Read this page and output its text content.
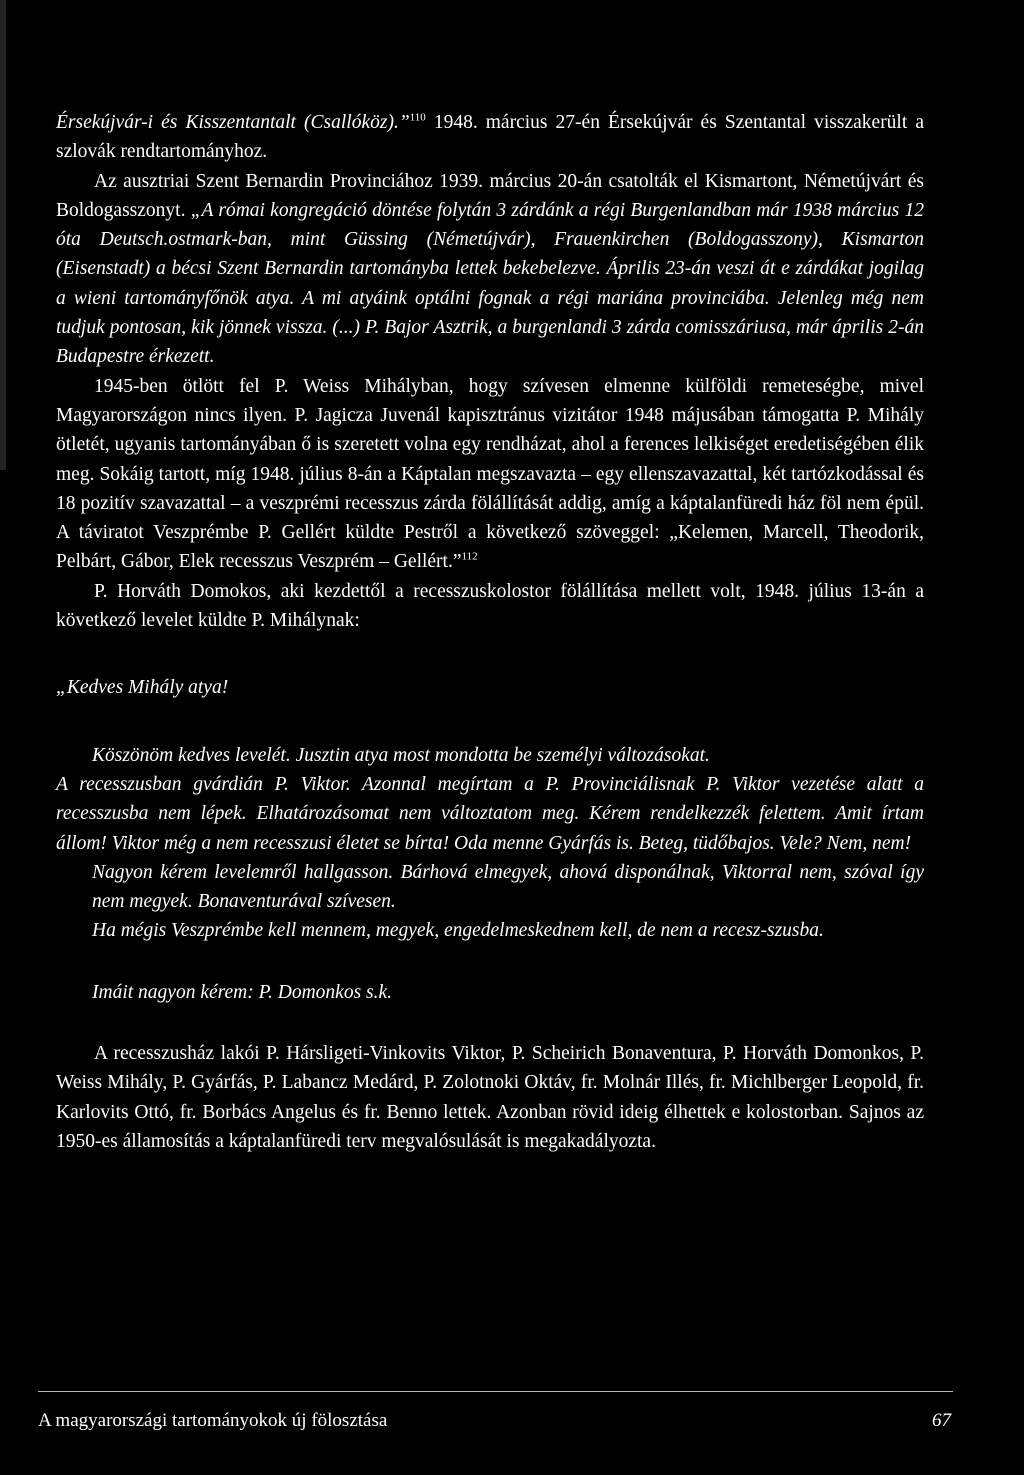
Érsekújvár-i és Kisszentantalt (Csallóköz).”$^{110}$ 1948. március 27-én Érsekújvár és Szentantal visszakerült a szlovák rendtartományhoz.

Az ausztriai Szent Bernardin Provinciához 1939. március 20-án csatolták el Kismartont, Németújvárt és Boldogasszonyt. „A római kongregáció döntése folytán 3 zárdánk a régi Burgenlandban már 1938 március 12 óta Deutsch.ostmark-ban, mint Güssing (Németújvár), Frauenkirchen (Boldogasszony), Kismarton (Eisenstadt) a bécsi Szent Bernardin tartományba lettek bekebelezve. Április 23-án veszi át e zárdákat jogilag a wieni tartományfőnök atya. A mi atyáink optálni fognak a régi mariána provinciába. Jelenleg még nem tudjuk pontosan, kik jönnek vissza. (...) P. Bajor Asztrik, a burgenlandi 3 zárda comisszáriusa, már április 2-án Budapestre érkezett.

1945-ben ötlött fel P. Weiss Mihályban, hogy szívesen elmenne külföldi remeteségbe, mivel Magyarországon nincs ilyen. P. Jagicza Juvenál kapisztránus vizitátor 1948 májusában támogatta P. Mihály ötletét, ugyanis tartományában ő is szeretett volna egy rendházat, ahol a ferences lelkiséget eredetiségében élik meg. Sokáig tartott, míg 1948. július 8-án a Káptalan megszavazta – egy ellenszavazattal, két tartózkodással és 18 pozitív szavazattal – a veszprémi recesszus zárda fölállítását addig, amíg a káptalanfüredi ház föl nem épül. A táviratot Veszprémbe P. Gellért küldte Pestről a következő szöveggel: „Kelemen, Marcell, Theodorik, Pelbárt, Gábor, Elek recesszus Veszprém – Gellért.”$^{112}$

P. Horváth Domokos, aki kezdettől a recesszuskolostor fölállítása mellett volt, 1948. július 13-án a következő levelet küldte P. Mihálynak:

„Kedves Mihály atya!

Köszönöm kedves levelét. Jusztin atya most mondotta be személyi változásokat.

A recesszusban gvárdián P. Viktor. Azonnal megírtam a P. Provinciálisnak P. Viktor vezetése alatt a recesszusba nem lépek. Elhatározásomat nem változtatom meg. Kérem rendelkezzék felettem. Amit írtam állom! Viktor még a nem recesszusi életet se bírta! Oda menne Gyárfás is. Beteg, tüdőbajos. Vele? Nem, nem!

Nagyon kérem levelemről hallgasson. Bárhová elmegyek, ahová disponálnak, Viktorral nem, szóval így nem megyek. Bonaventurával szívesen.

Ha mégis Veszprémbe kell mennem, megyek, engedelmeskednem kell, de nem a recesz-szusba.

Imáit nagyon kérem: P. Domonkos s.k.

A recesszusház lakói P. Hársligeti-Vinkovits Viktor, P. Scheirich Bonaventura, P. Horváth Domonkos, P. Weiss Mihály, P. Gyárfás, P. Labancz Medárd, P. Zolotnoki Oktáv, fr. Molnár Illés, fr. Michlberger Leopold, fr. Karlovits Ottó, fr. Borbács Angelus és fr. Benno lettek. Azonban rövid ideig élhettek e kolostorban. Sajnos az 1950-es államosítás a káptalanfüredi terv megvalósulását is megakadályozta.

A magyarországi tartományokok új fölosztása	67
